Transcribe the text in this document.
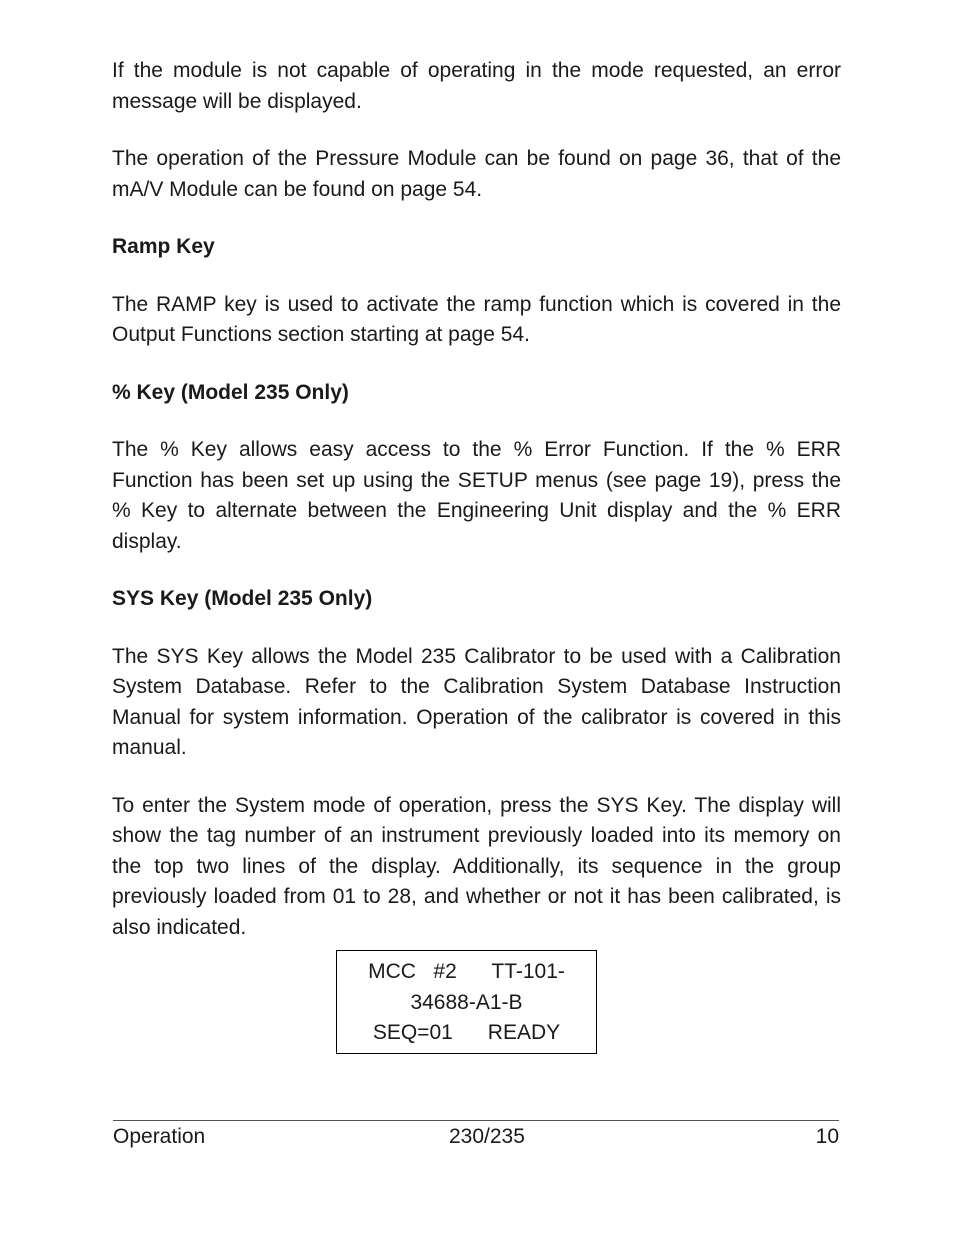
If the module is not capable of operating in the mode requested, an error message will be displayed.

The operation of the Pressure Module can be found on page 36, that of the mA/V Module can be found on page 54.

Ramp Key

The RAMP key is used to activate the ramp function which is covered in the Output Functions section starting at page 54.

% Key (Model 235 Only)

The % Key allows easy access to the % Error Function. If the % ERR Function has been set up using the SETUP menus (see page 19), press the % Key to alternate between the Engineering Unit display and the % ERR display.

SYS Key (Model 235 Only)

The SYS Key allows the Model 235 Calibrator to be used with a Calibration System Database. Refer to the Calibration System Database Instruction Manual for system information. Operation of the calibrator is covered in this manual.

To enter the System mode of operation, press the SYS Key. The display will show the tag number of an instrument previously loaded into its memory on the top two lines of the display. Additionally, its sequence in the group previously loaded from 01 to 28, and whether or not it has been calibrated, is also indicated.

MCC   #2      TT-101-
34688-A1-B
SEQ=01      READY
Operation	230/235	10
